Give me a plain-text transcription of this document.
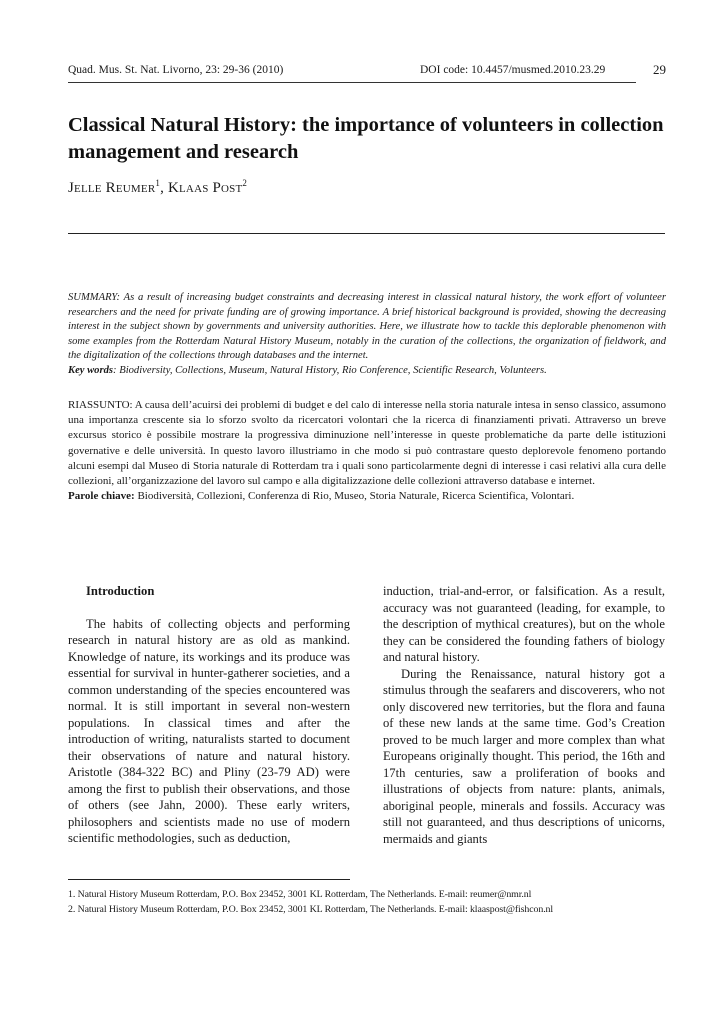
Quad. Mus. St. Nat. Livorno, 23: 29-36 (2010)	DOI code: 10.4457/musmed.2010.23.29	29
Classical Natural History: the importance of volunteers in collection management and research
Jelle Reumer$^1$, Klaas Post$^2$
SUMMARY: As a result of increasing budget constraints and decreasing interest in classical natural history, the work effort of volunteer researchers and the need for private funding are of growing importance. A brief historical background is provided, showing the decreasing interest in the subject shown by governments and university authorities. Here, we illustrate how to tackle this deplorable phenomenon with some examples from the Rotterdam Natural History Museum, notably in the curation of the collections, the organization of fieldwork, and the digitalization of the collections through databases and the internet.
Key words: Biodiversity, Collections, Museum, Natural History, Rio Conference, Scientific Research, Volunteers.
RIASSUNTO: A causa dell’acuirsi dei problemi di budget e del calo di interesse nella storia naturale intesa in senso classico, assumono una importanza crescente sia lo sforzo svolto da ricercatori volontari che la ricerca di finanziamenti privati. Attraverso un breve excursus storico è possibile mostrare la progressiva diminuzione nell’interesse in queste problematiche da parte delle istituzioni governative e delle università. In questo lavoro illustriamo in che modo si può contrastare questo deplorevole fenomeno portando alcuni esempi dal Museo di Storia naturale di Rotterdam tra i quali sono particolarmente degni di interesse i casi relativi alla cura delle collezioni, all’organizzazione del lavoro sul campo e alla digitalizzazione delle collezioni attraverso database e internet.
Parole chiave: Biodiversità, Collezioni, Conferenza di Rio, Museo, Storia Naturale, Ricerca Scientifica, Volontari.
Introduction

The habits of collecting objects and performing research in natural history are as old as mankind. Knowledge of nature, its workings and its produce was essential for survival in hunter-gatherer societies, and a common understanding of the species encountered was normal. It is still important in several non-western populations. In classical times and after the introduction of writing, naturalists started to document their observations of nature and natural history. Aristotle (384-322 BC) and Pliny (23-79 AD) were among the first to publish their observations, and those of others (see Jahn, 2000). These early writers, philosophers and scientists made no use of modern scientific methodologies, such as deduction,

induction, trial-and-error, or falsification. As a result, accuracy was not guaranteed (leading, for example, to the description of mythical creatures), but on the whole they can be considered the founding fathers of biology and natural history.

During the Renaissance, natural history got a stimulus through the seafarers and discoverers, who not only discovered new territories, but the flora and fauna of these new lands at the same time. God’s Creation proved to be much larger and more complex than what Europeans originally thought. This period, the 16th and 17th centuries, saw a proliferation of books and illustrations of objects from nature: plants, animals, aboriginal people, minerals and fossils. Accuracy was still not guaranteed, and thus descriptions of unicorns, mermaids and giants

1. Natural History Museum Rotterdam, P.O. Box 23452, 3001 KL Rotterdam, The Netherlands. E-mail: reumer@nmr.nl
2. Natural History Museum Rotterdam, P.O. Box 23452, 3001 KL Rotterdam, The Netherlands. E-mail: klaaspost@fishcon.nl
